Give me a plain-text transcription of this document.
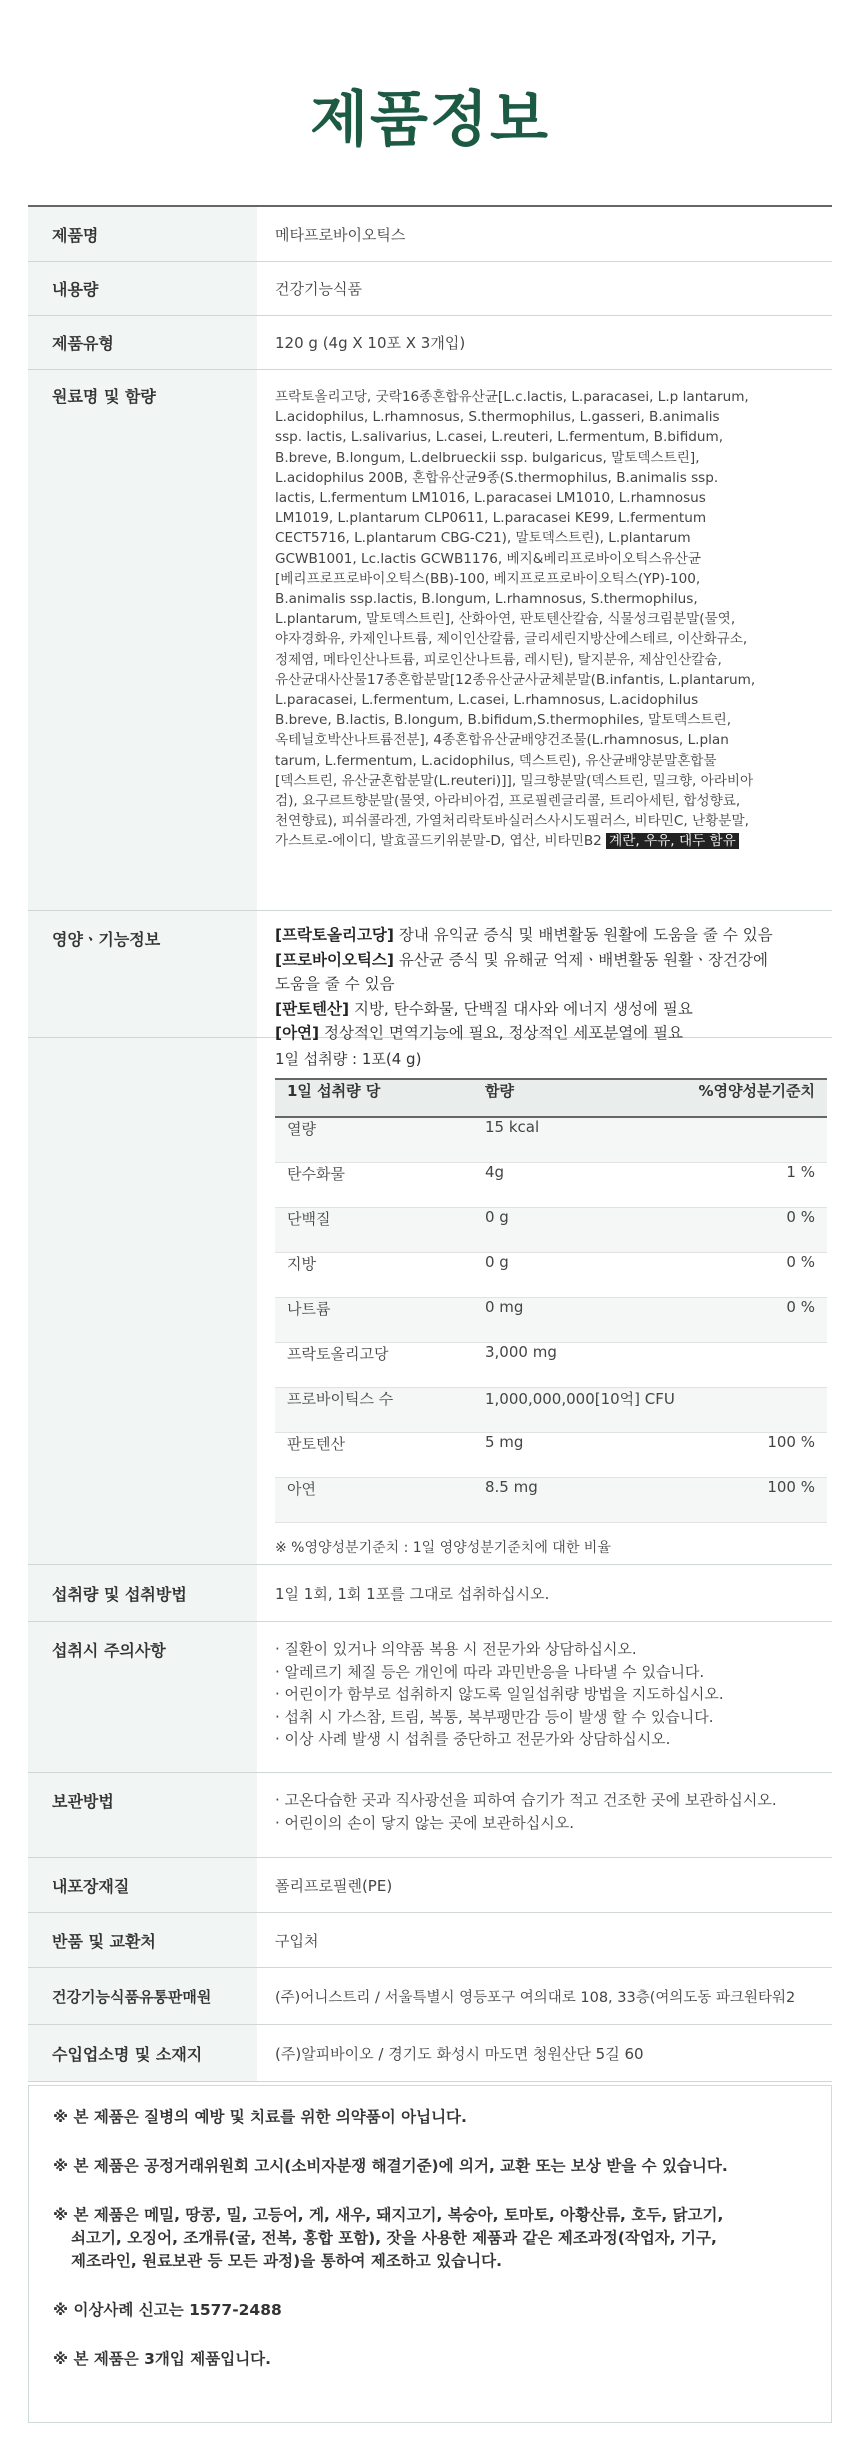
제품정보
제품명	메타프로바이오틱스

내용량	건강기능식품

제품유형	120 g (4g X 10포 X 3개입)

원료명 및 함량	프락토올리고당, 굿락16종혼합유산균[L.c.lactis, L.paracasei, L.p lantarum,
L.acidophilus, L.rhamnosus, S.thermophilus, L.gasseri, B.animalis
ssp. lactis, L.salivarius, L.casei, L.reuteri, L.fermentum, B.bifidum,
B.breve, B.longum, L.delbrueckii ssp. bulgaricus, 말토덱스트린],
L.acidophilus 200B, 혼합유산균9종(S.thermophilus, B.animalis ssp.
lactis, L.fermentum LM1016, L.paracasei LM1010, L.rhamnosus
LM1019, L.plantarum CLP0611, L.paracasei KE99, L.fermentum
CECT5716, L.plantarum CBG-C21), 말토덱스트린), L.plantarum
GCWB1001, Lc.lactis GCWB1176, 베지&베리프로바이오틱스유산균
[베리프로프로바이오틱스(BB)-100, 베지프로프로바이오틱스(YP)-100,
B.animalis ssp.lactis, B.longum, L.rhamnosus, S.thermophilus,
L.plantarum, 말토덱스트린], 산화아연, 판토텐산칼슘, 식물성크림분말(물엿,
야자경화유, 카제인나트륨, 제이인산칼륨, 글리세린지방산에스테르, 이산화규소,
정제염, 메타인산나트륨, 피로인산나트륨, 레시틴), 탈지분유, 제삼인산칼슘,
유산균대사산물17종혼합분말[12종유산균사균체분말(B.infantis, L.plantarum,
L.paracasei, L.fermentum, L.casei, L.rhamnosus, L.acidophilus
B.breve, B.lactis, B.longum, B.bifidum,S.thermophiles, 말토덱스트린,
옥테닐호박산나트륨전분], 4종혼합유산균배양건조물(L.rhamnosus, L.plan
tarum, L.fermentum, L.acidophilus, 덱스트린), 유산균배양분말혼합물
[덱스트린, 유산균혼합분말(L.reuteri)]], 밀크향분말(덱스트린, 밀크향, 아라비아
검), 요구르트향분말(물엿, 아라비아검, 프로필렌글리콜, 트리아세틴, 합성향료,
천연향료), 피쉬콜라겐, 가열처리락토바실러스사시도필러스, 비타민C, 난황분말,
가스트로-에이디, 발효골드키위분말-D, 엽산, 비타민B2 계란, 우유, 대두 함유

영양ㆍ기능정보	[프락토올리고당] 장내 유익균 증식 및 배변활동 원활에 도움을 줄 수 있음
[프로바이오틱스] 유산균 증식 및 유해균 억제ㆍ배변활동 원활ㆍ장건강에
도움을 줄 수 있음
[판토텐산] 지방, 탄수화물, 단백질 대사와 에너지 생성에 필요
[아연] 정상적인 면역기능에 필요, 정상적인 세포분열에 필요

1일 섭취량 : 1포(4 g)
1일 섭취량 당	함량	%영양성분기준치
열량	15 kcal	
탄수화물	4g	1 %
단백질	0 g	0 %
지방	0 g	0 %
나트륨	0 mg	0 %
프락토올리고당	3,000 mg	
프로바이틱스 수	1,000,000,000[10억] CFU	
판토텐산	5 mg	100 %
아연	8.5 mg	100 %
※ %영양성분기준치 : 1일 영양성분기준치에 대한 비율

섭취량 및 섭취방법	1일 1회, 1회 1포를 그대로 섭취하십시오.

섭취시 주의사항	· 질환이 있거나 의약품 복용 시 전문가와 상담하십시오.
· 알레르기 체질 등은 개인에 따라 과민반응을 나타낼 수 있습니다.
· 어린이가 함부로 섭취하지 않도록 일일섭취량 방법을 지도하십시오.
· 섭취 시 가스참, 트림, 복통, 복부팽만감 등이 발생 할 수 있습니다.
· 이상 사례 발생 시 섭취를 중단하고 전문가와 상담하십시오.

보관방법	· 고온다습한 곳과 직사광선을 피하여 습기가 적고 건조한 곳에 보관하십시오.
· 어린이의 손이 닿지 않는 곳에 보관하십시오.

내포장재질	폴리프로필렌(PE)

반품 및 교환처	구입처

건강기능식품유통판매원	(주)어니스트리 / 서울특별시 영등포구 여의대로 108, 33층(여의도동 파크원타워2

수입업소명 및 소재지	(주)알피바이오 / 경기도 화성시 마도면 청원산단 5길 60

※ 본 제품은 질병의 예방 및 치료를 위한 의약품이 아닙니다.

※ 본 제품은 공정거래위원회 고시(소비자분쟁 해결기준)에 의거, 교환 또는 보상 받을 수 있습니다.

※ 본 제품은 메밀, 땅콩, 밀, 고등어, 게, 새우, 돼지고기, 복숭아, 토마토, 아황산류, 호두, 닭고기,

쇠고기, 오징어, 조개류(굴, 전복, 홍합 포함), 잣을 사용한 제품과 같은 제조과정(작업자, 기구,

제조라인, 원료보관 등 모든 과정)을 통하여 제조하고 있습니다.

※ 이상사례 신고는 1577-2488

※ 본 제품은 3개입 제품입니다.
